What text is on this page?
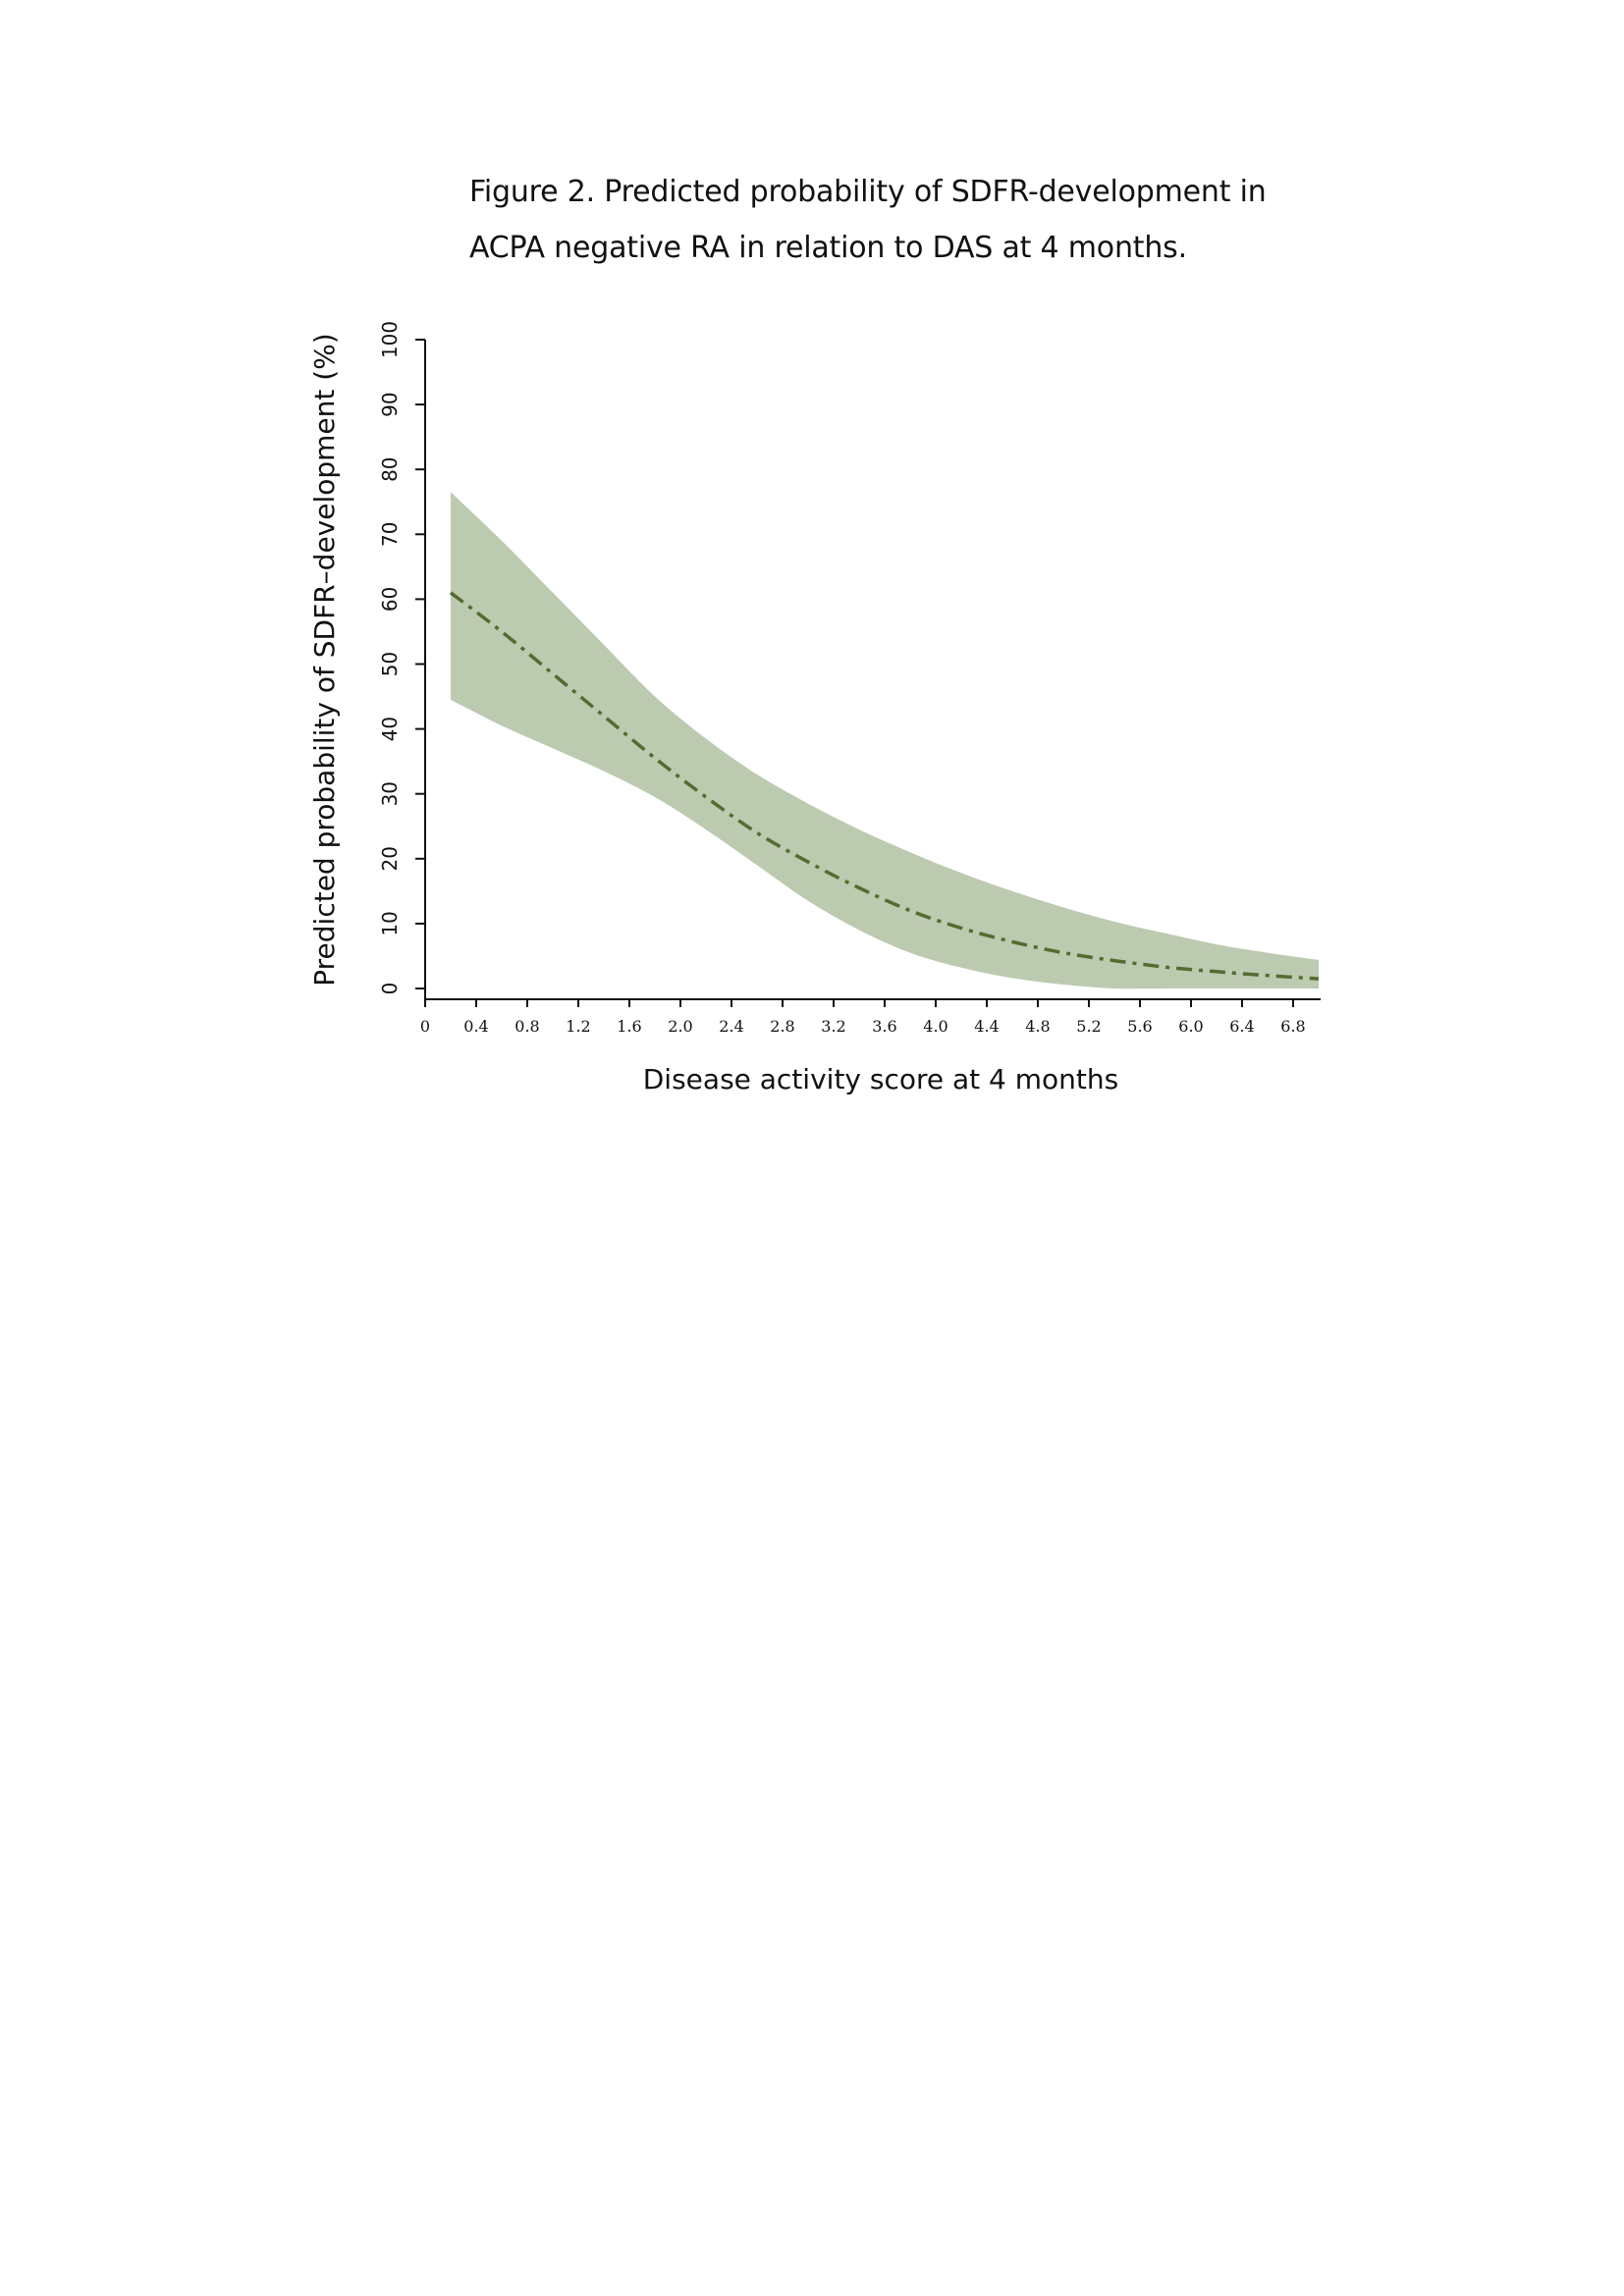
Figure 2. Predicted probability of SDFR-development in
ACPA negative RA in relation to DAS at 4 months.
0
10
20
30
40
50
60
70
80
90
100
0 0.4 0.8 1.2 1.6 2.0 2.4 2.8 3.2 3.6 4.0 4.4 4.8 5.2 5.6 6.0 6.4 6.8
Disease activity score at 4 months
Predicted probability of SDFR–development (%)
